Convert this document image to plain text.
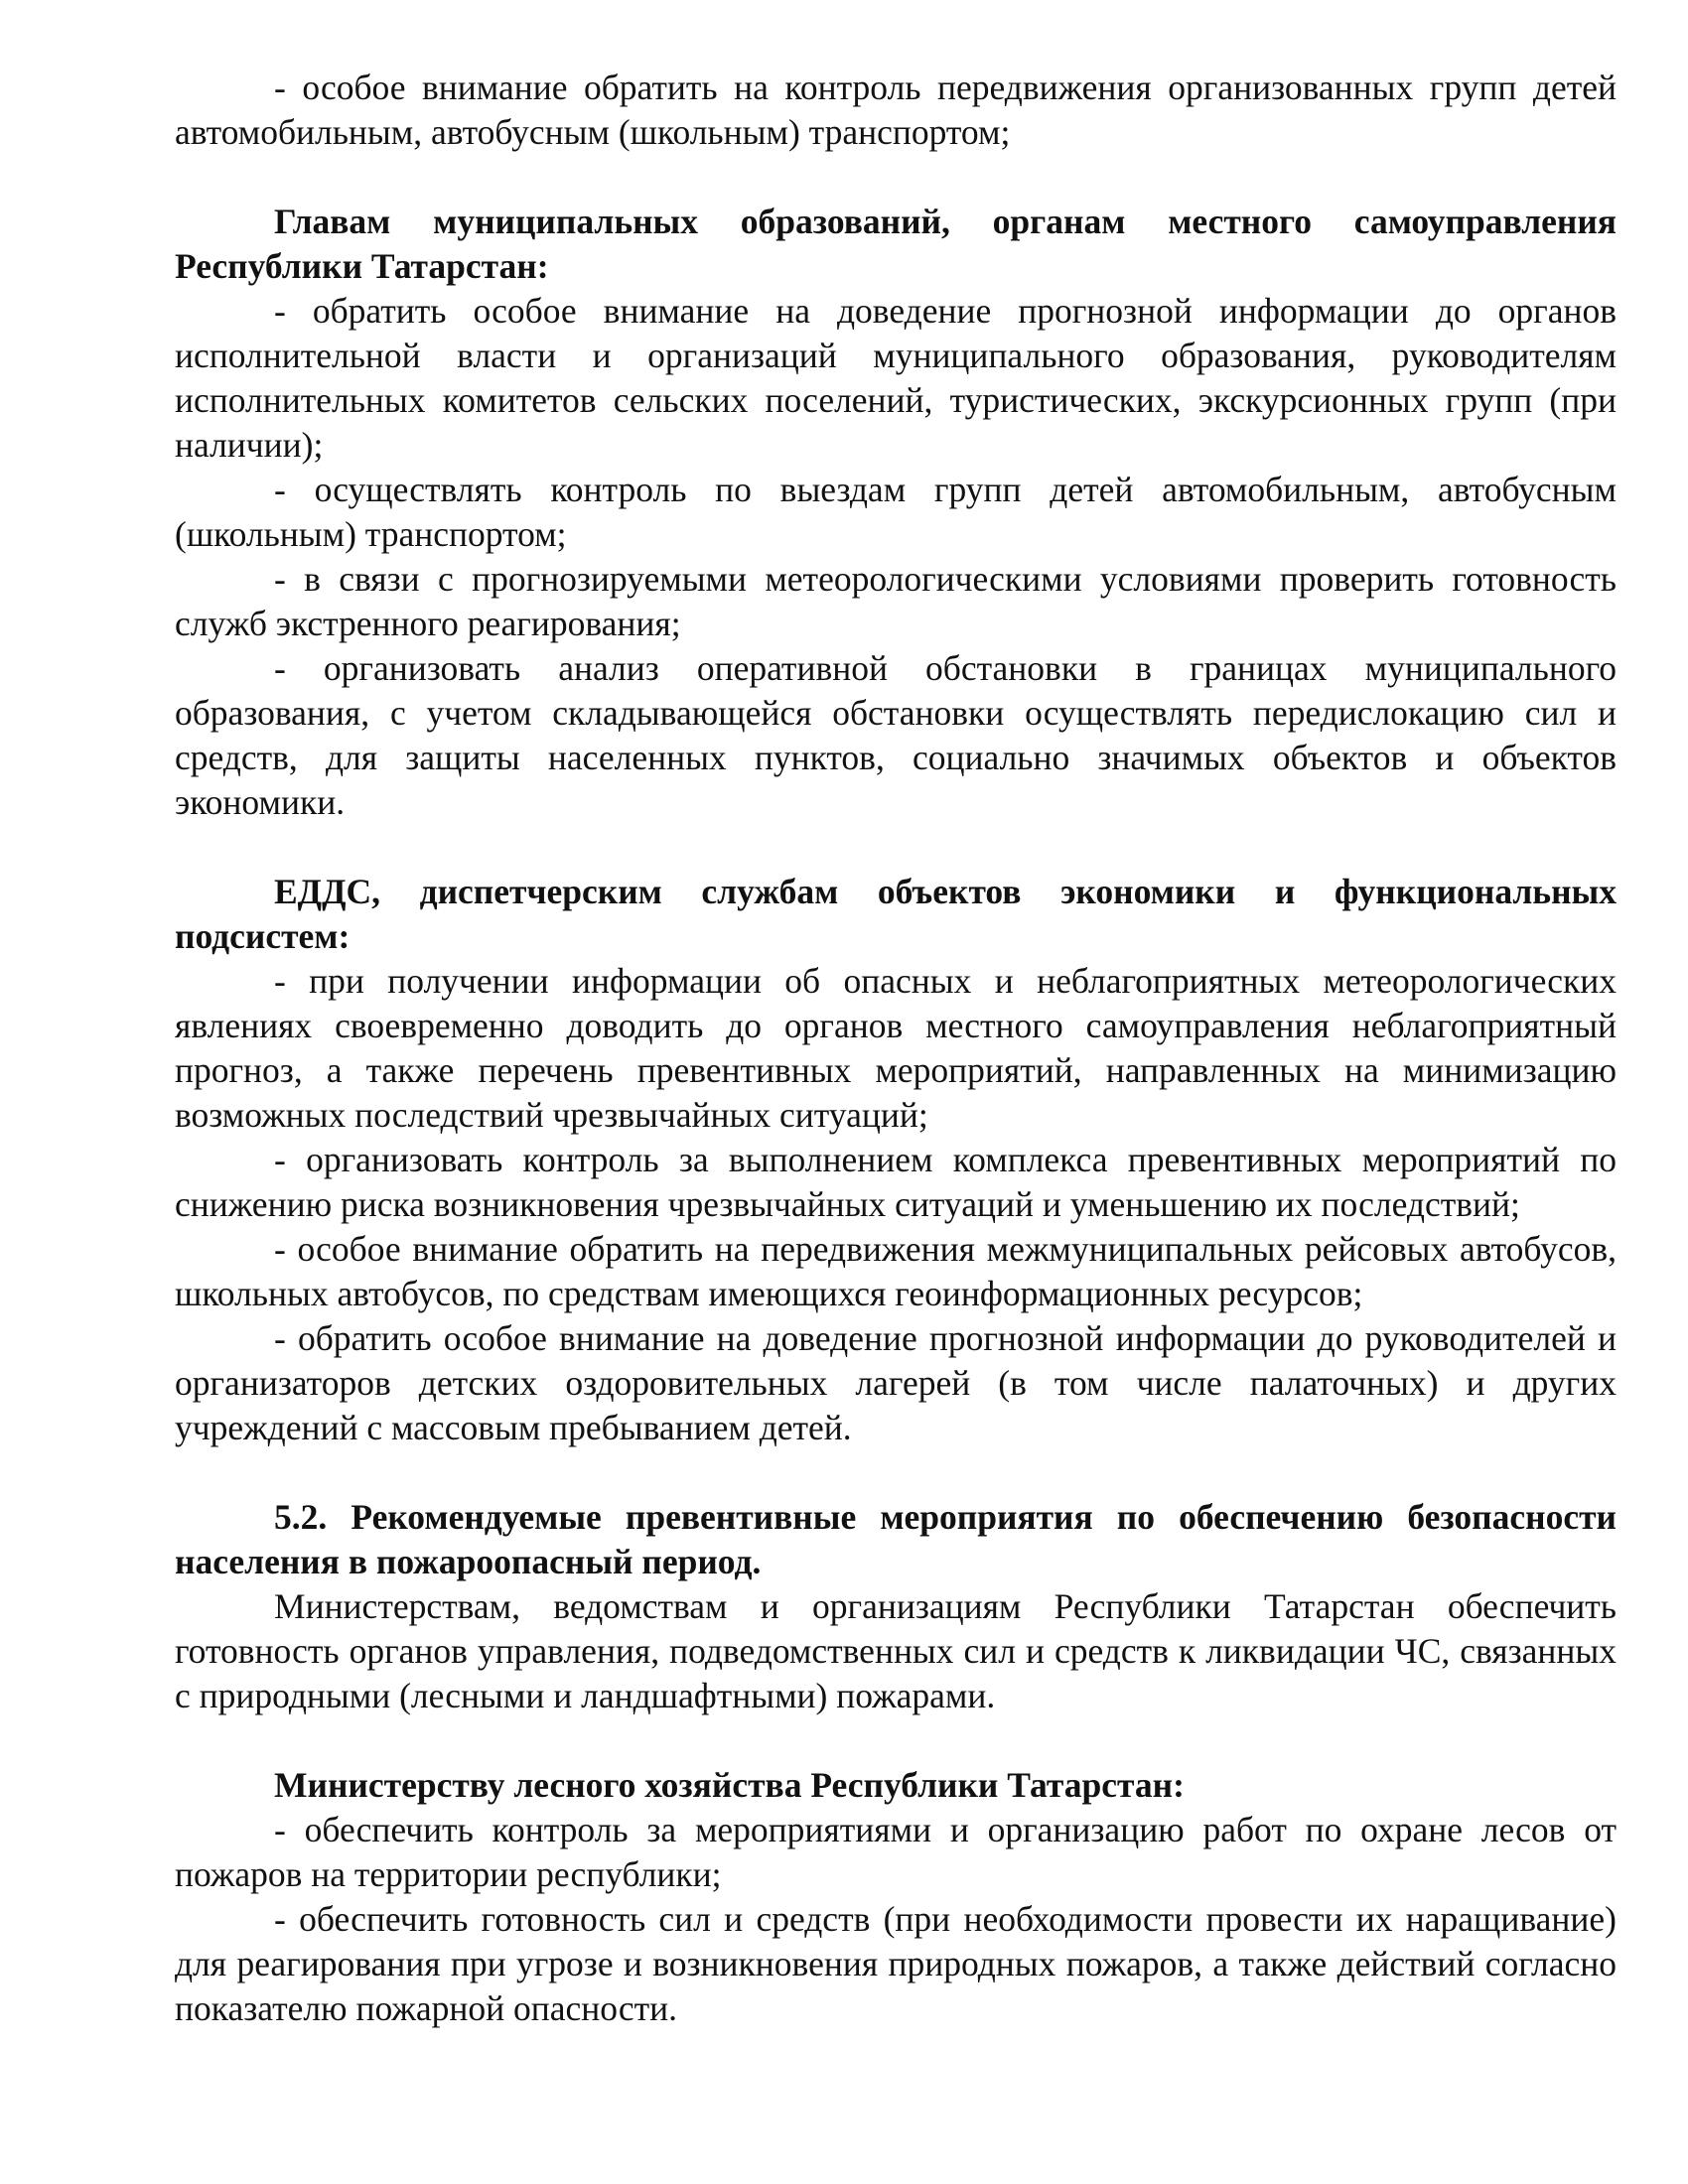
- особое внимание обратить на контроль передвижения организованных групп детей автомобильным, автобусным (школьным) транспортом;

Главам муниципальных образований, органам местного самоуправления Республики Татарстан:

- обратить особое внимание на доведение прогнозной информации до органов исполнительной власти и организаций муниципального образования, руководителям исполнительных комитетов сельских поселений, туристических, экскурсионных групп (при наличии);

- осуществлять контроль по выездам групп детей автомобильным, автобусным (школьным) транспортом;

- в связи с прогнозируемыми метеорологическими условиями проверить готовность служб экстренного реагирования;

- организовать анализ оперативной обстановки в границах муниципального образования, с учетом складывающейся обстановки осуществлять передислокацию сил и средств, для защиты населенных пунктов, социально значимых объектов и объектов экономики.

ЕДДС, диспетчерским службам объектов экономики и функциональных подсистем:

- при получении информации об опасных и неблагоприятных метеорологических явлениях своевременно доводить до органов местного самоуправления неблагоприятный прогноз, а также перечень превентивных мероприятий, направленных на минимизацию возможных последствий чрезвычайных ситуаций;

- организовать контроль за выполнением комплекса превентивных мероприятий по снижению риска возникновения чрезвычайных ситуаций и уменьшению их последствий;

- особое внимание обратить на передвижения межмуниципальных рейсовых автобусов, школьных автобусов, по средствам имеющихся геоинформационных ресурсов;

- обратить особое внимание на доведение прогнозной информации до руководителей и организаторов детских оздоровительных лагерей (в том числе палаточных) и других учреждений с массовым пребыванием детей.

5.2. Рекомендуемые превентивные мероприятия по обеспечению безопасности населения в пожароопасный период.

Министерствам, ведомствам и организациям Республики Татарстан обеспечить готовность органов управления, подведомственных сил и средств к ликвидации ЧС, связанных с природными (лесными и ландшафтными) пожарами.

Министерству лесного хозяйства Республики Татарстан:

- обеспечить контроль за мероприятиями и организацию работ по охране лесов от пожаров на территории республики;

- обеспечить готовность сил и средств (при необходимости провести их наращивание) для реагирования при угрозе и возникновения природных пожаров, а также действий согласно показателю пожарной опасности.
